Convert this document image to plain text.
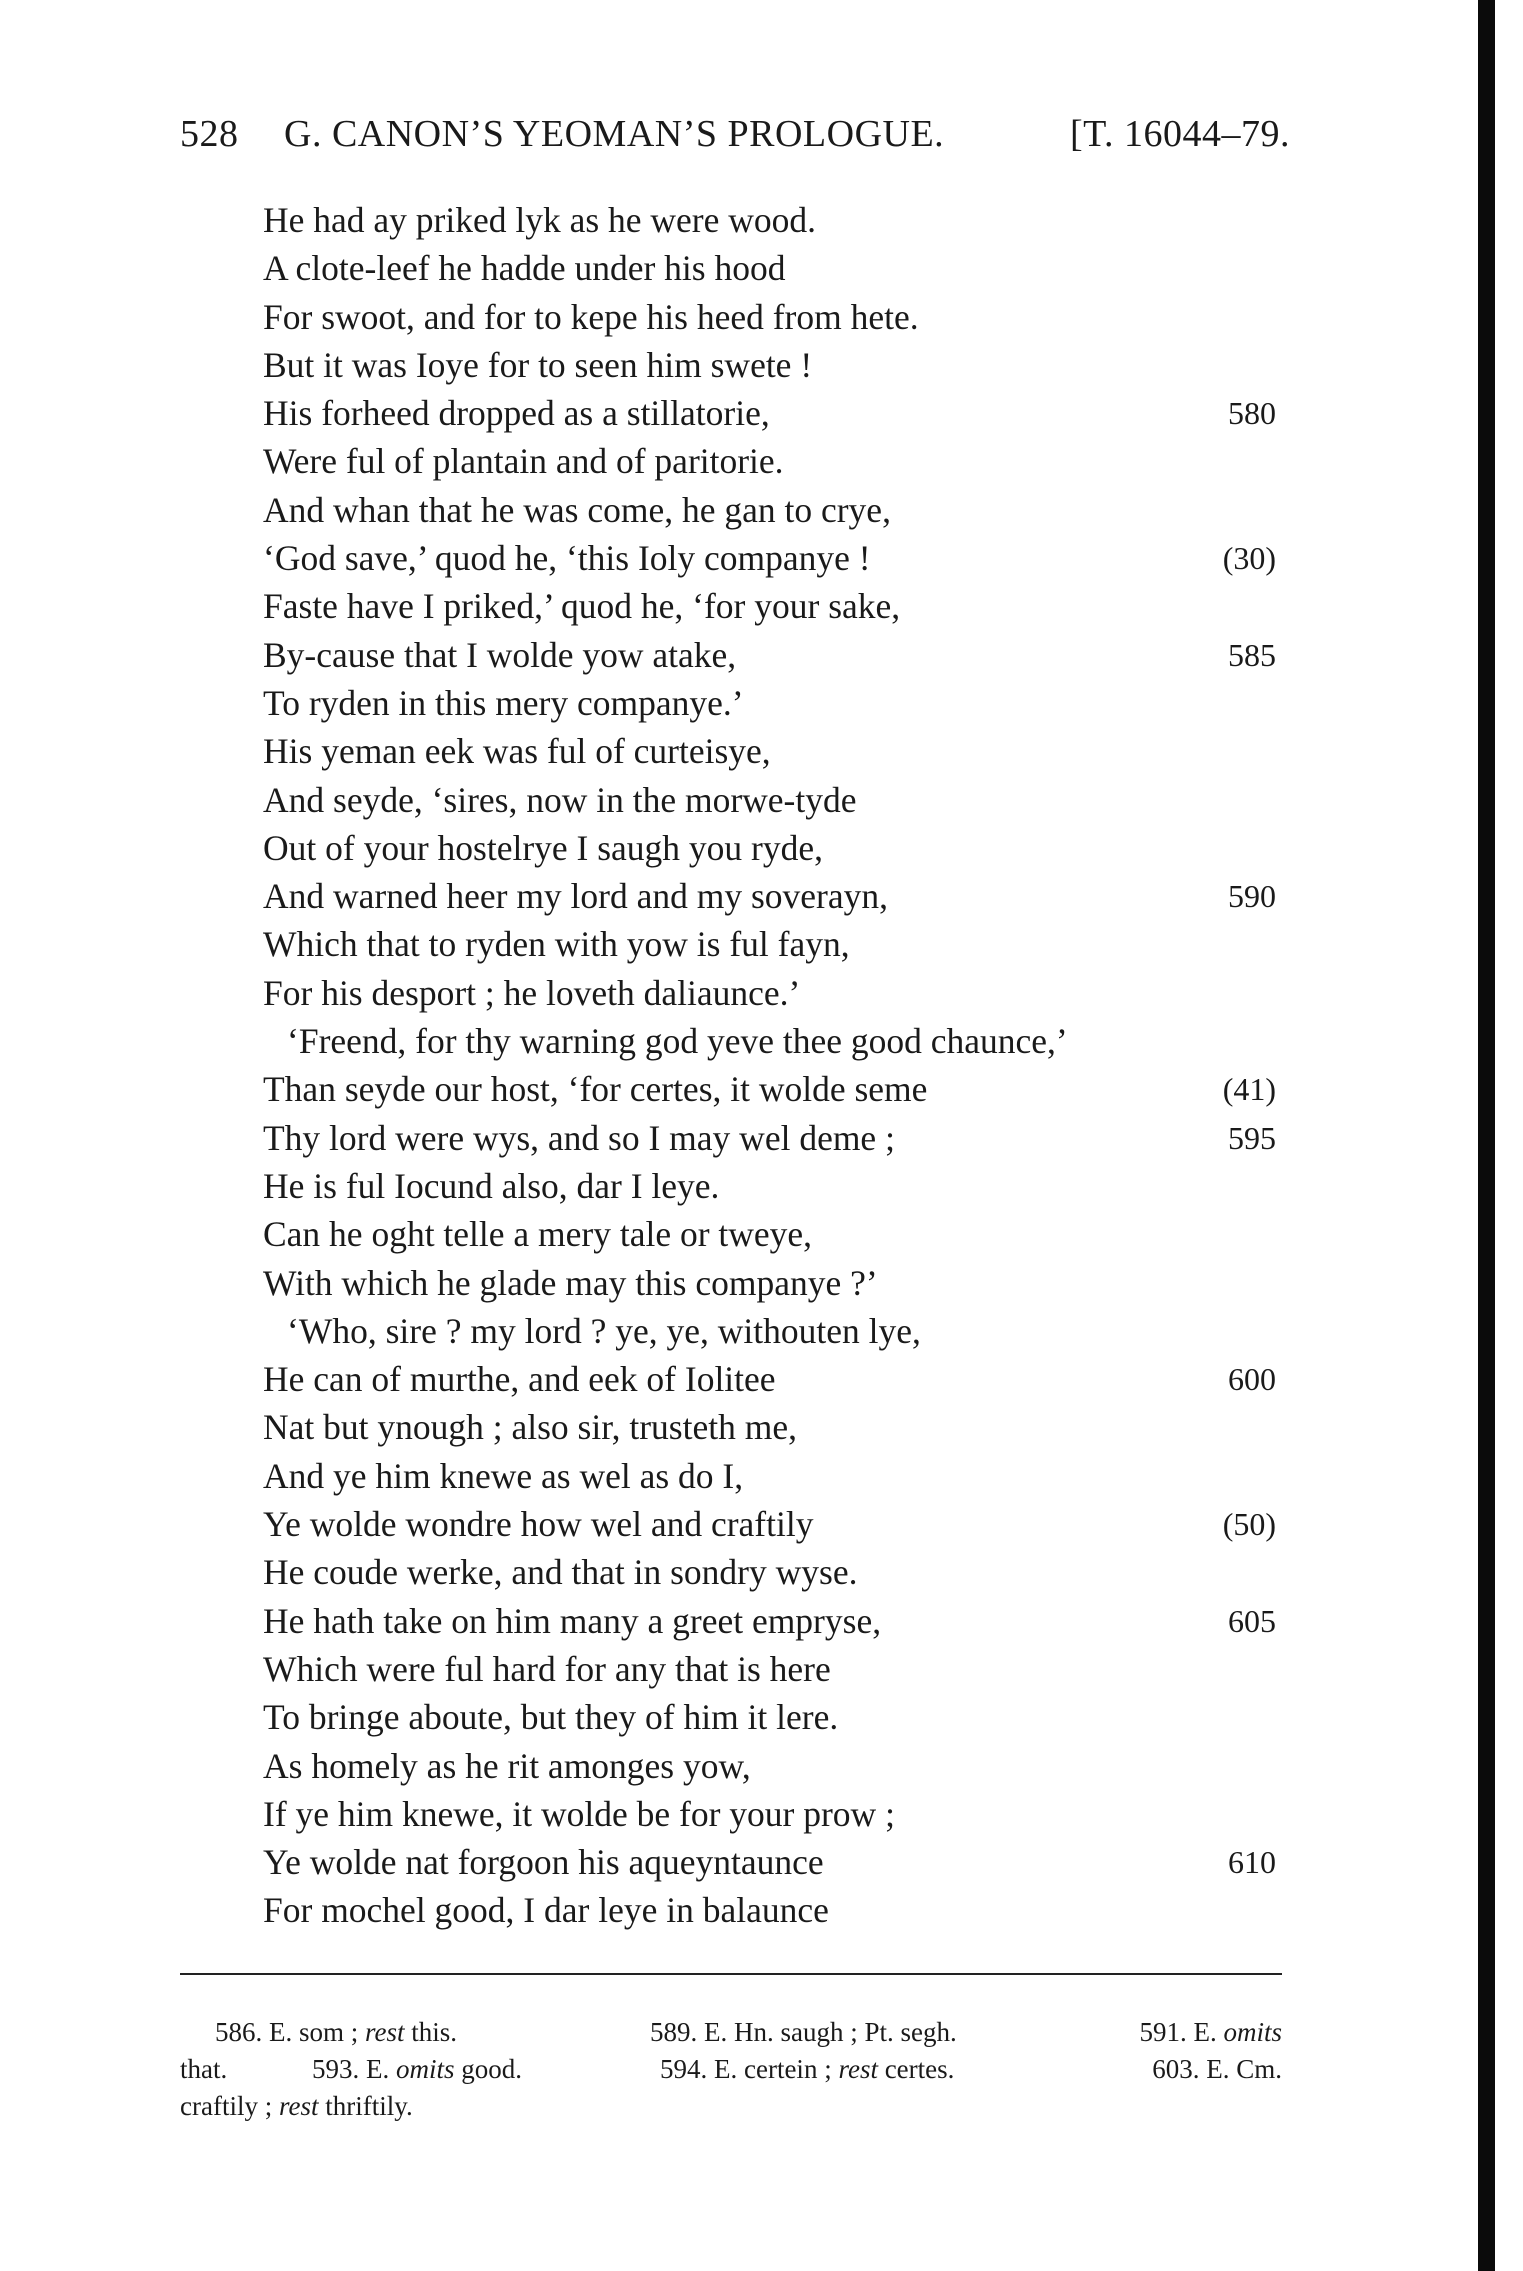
528 G. CANON’S YEOMAN’S PROLOGUE.	[T. 16044–79.
He had ay priked lyk as he were wood.
A clote-leef he hadde under his hood
For swoot, and for to kepe his heed from hete.
But it was Ioye for to seen him swete !
His forheed dropped as a stillatorie,	580
Were ful of plantain and of paritorie.
And whan that he was come, he gan to crye,
‘God save,’ quod he, ‘this Ioly companye !	(30)
Faste have I priked,’ quod he, ‘for your sake,
By-cause that I wolde yow atake,	585
To ryden in this mery companye.’
His yeman eek was ful of curteisye,
And seyde, ‘sires, now in the morwe-tyde
Out of your hostelrye I saugh you ryde,
And warned heer my lord and my soverayn,	590
Which that to ryden with yow is ful fayn,
For his desport ; he loveth daliaunce.’
‘Freend, for thy warning god yeve thee good chaunce,’
Than seyde our host, ‘for certes, it wolde seme	(41)
Thy lord were wys, and so I may wel deme ;	595
He is ful Iocund also, dar I leye.
Can he oght telle a mery tale or tweye,
With which he glade may this companye ?’
‘Who, sire ? my lord ? ye, ye, withouten lye,
He can of murthe, and eek of Iolitee	600
Nat but ynough ; also sir, trusteth me,
And ye him knewe as wel as do I,
Ye wolde wondre how wel and craftily	(50)
He coude werke, and that in sondry wyse.
He hath take on him many a greet empryse,	605
Which were ful hard for any that is here
To bringe aboute, but they of him it lere.
As homely as he rit amonges yow,
If ye him knewe, it wolde be for your prow ;
Ye wolde nat forgoon his aqueyntaunce	610
For mochel good, I dar leye in balaunce
586. E. som ; rest this.	589. E. Hn. saugh ; Pt. segh.	591. E. omits
that.	593. E. omits good.	594. E. certein ; rest certes.	603. E. Cm.
craftily ; rest thriftily.
